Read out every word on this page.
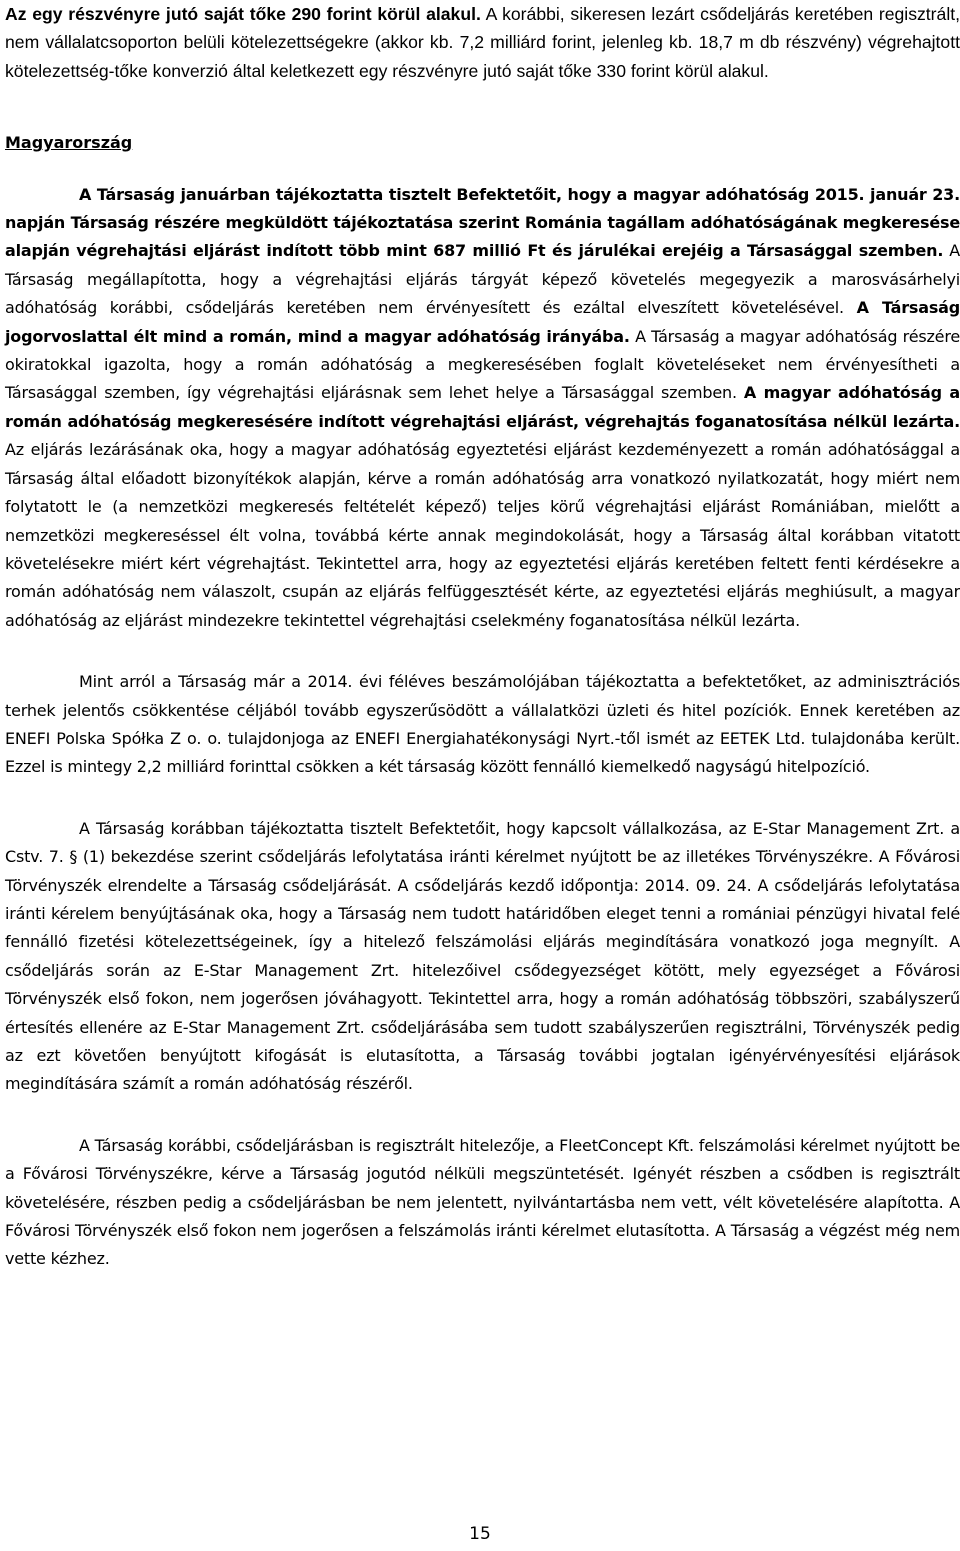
Az egy részvényre jutó saját tőke 290 forint körül alakul. A korábbi, sikeresen lezárt csődeljárás keretében regisztrált, nem vállalatcsoporton belüli kötelezettségekre (akkor kb. 7,2 milliárd forint, jelenleg kb. 18,7 m db részvény) végrehajtott kötelezettség-tőke konverzió által keletkezett egy részvényre jutó saját tőke 330 forint körül alakul.

Magyarország

A Társaság januárban tájékoztatta tisztelt Befektetőit, hogy a magyar adóhatóság 2015. január 23. napján Társaság részére megküldött tájékoztatása szerint Románia tagállam adóhatóságának megkeresése alapján végrehajtási eljárást indított több mint 687 millió Ft és járulékai erejéig a Társasággal szemben. A Társaság megállapította, hogy a végrehajtási eljárás tárgyát képező követelés megegyezik a marosvásárhelyi adóhatóság korábbi, csődeljárás keretében nem érvényesített és ezáltal elveszített követelésével. A Társaság jogorvoslattal élt mind a román, mind a magyar adóhatóság irányába. A Társaság a magyar adóhatóság részére okiratokkal igazolta, hogy a román adóhatóság a megkeresésében foglalt követeléseket nem érvényesítheti a Társasággal szemben, így végrehajtási eljárásnak sem lehet helye a Társasággal szemben. A magyar adóhatóság a román adóhatóság megkeresésére indított végrehajtási eljárást, végrehajtás foganatosítása nélkül lezárta. Az eljárás lezárásának oka, hogy a magyar adóhatóság egyeztetési eljárást kezdeményezett a román adóhatósággal a Társaság által előadott bizonyítékok alapján, kérve a román adóhatóság arra vonatkozó nyilatkozatát, hogy miért nem folytatott le (a nemzetközi megkeresés feltételét képező) teljes körű végrehajtási eljárást Romániában, mielőtt a nemzetközi megkereséssel élt volna, továbbá kérte annak megindokolását, hogy a Társaság által korábban vitatott követelésekre miért kért végrehajtást. Tekintettel arra, hogy az egyeztetési eljárás keretében feltett fenti kérdésekre a román adóhatóság nem válaszolt, csupán az eljárás felfüggesztését kérte, az egyeztetési eljárás meghiúsult, a magyar adóhatóság az eljárást mindezekre tekintettel végrehajtási cselekmény foganatosítása nélkül lezárta.

Mint arról a Társaság már a 2014. évi féléves beszámolójában tájékoztatta a befektetőket, az adminisztrációs terhek jelentős csökkentése céljából tovább egyszerűsödött a vállalatközi üzleti és hitel pozíciók. Ennek keretében az ENEFI Polska Spółka Z o. o. tulajdonjoga az ENEFI Energiahatékonysági Nyrt.-től ismét az EETEK Ltd. tulajdonába került. Ezzel is mintegy 2,2 milliárd forinttal csökken a két társaság között fennálló kiemelkedő nagyságú hitelpozíció.

A Társaság korábban tájékoztatta tisztelt Befektetőit, hogy kapcsolt vállalkozása, az E-Star Management Zrt. a Cstv. 7. § (1) bekezdése szerint csődeljárás lefolytatása iránti kérelmet nyújtott be az illetékes Törvényszékre. A Fővárosi Törvényszék elrendelte a Társaság csődeljárását. A csődeljárás kezdő időpontja: 2014. 09. 24. A csődeljárás lefolytatása iránti kérelem benyújtásának oka, hogy a Társaság nem tudott határidőben eleget tenni a romániai pénzügyi hivatal felé fennálló fizetési kötelezettségeinek, így a hitelező felszámolási eljárás megindítására vonatkozó joga megnyílt. A csődeljárás során az E-Star Management Zrt. hitelezőivel csődegyezséget kötött, mely egyezséget a Fővárosi Törvényszék első fokon, nem jogerősen jóváhagyott. Tekintettel arra, hogy a román adóhatóság többszöri, szabályszerű értesítés ellenére az E-Star Management Zrt. csődeljárásába sem tudott szabályszerűen regisztrálni, Törvényszék pedig az ezt követően benyújtott kifogását is elutasította, a Társaság további jogtalan igényérvényesítési eljárások megindítására számít a román adóhatóság részéről.

A Társaság korábbi, csődeljárásban is regisztrált hitelezője, a FleetConcept Kft. felszámolási kérelmet nyújtott be a Fővárosi Törvényszékre, kérve a Társaság jogutód nélküli megszüntetését. Igényét részben a csődben is regisztrált követelésére, részben pedig a csődeljárásban be nem jelentett, nyilvántartásba nem vett, vélt követelésére alapította. A Fővárosi Törvényszék első fokon nem jogerősen a felszámolás iránti kérelmet elutasította. A Társaság a végzést még nem vette kézhez.

15
